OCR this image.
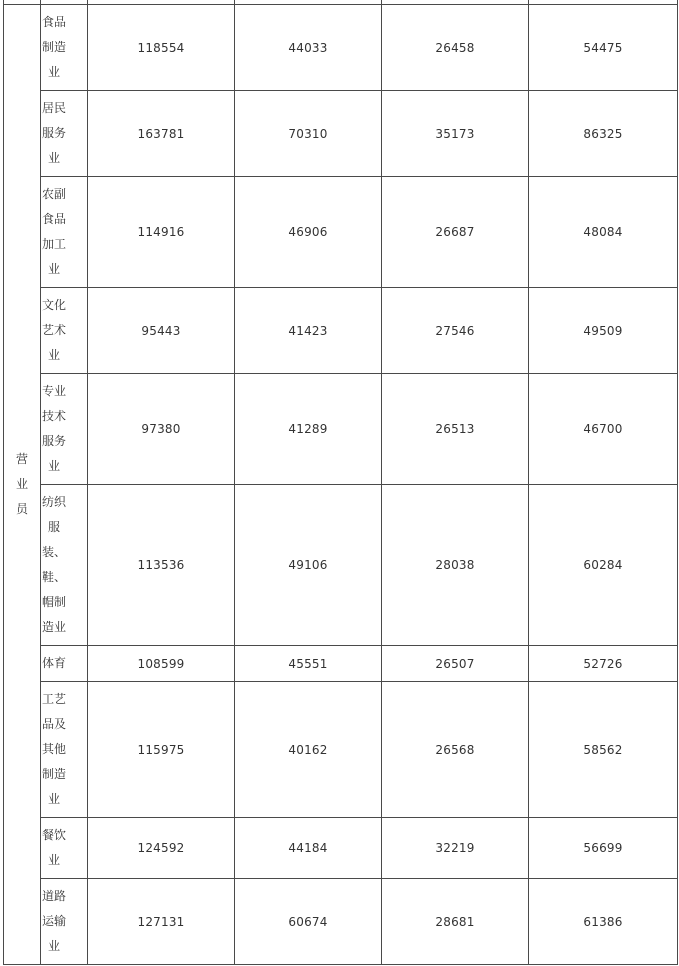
营业员	食品制造业	118554	44033	26458	54475

	居民服务业	163781	70310	35173	86325

	农副食品加工业	114916	46906	26687	48084

	文化艺术业	95443	41423	27546	49509

	专业技术服务业	97380	41289	26513	46700

	纺织服装、鞋、帽制造业	113536	49106	28038	60284

	体育	108599	45551	26507	52726

	工艺品及其他制造业	115975	40162	26568	58562

	餐饮业	124592	44184	32219	56699

	道路运输业	127131	60674	28681	61386
